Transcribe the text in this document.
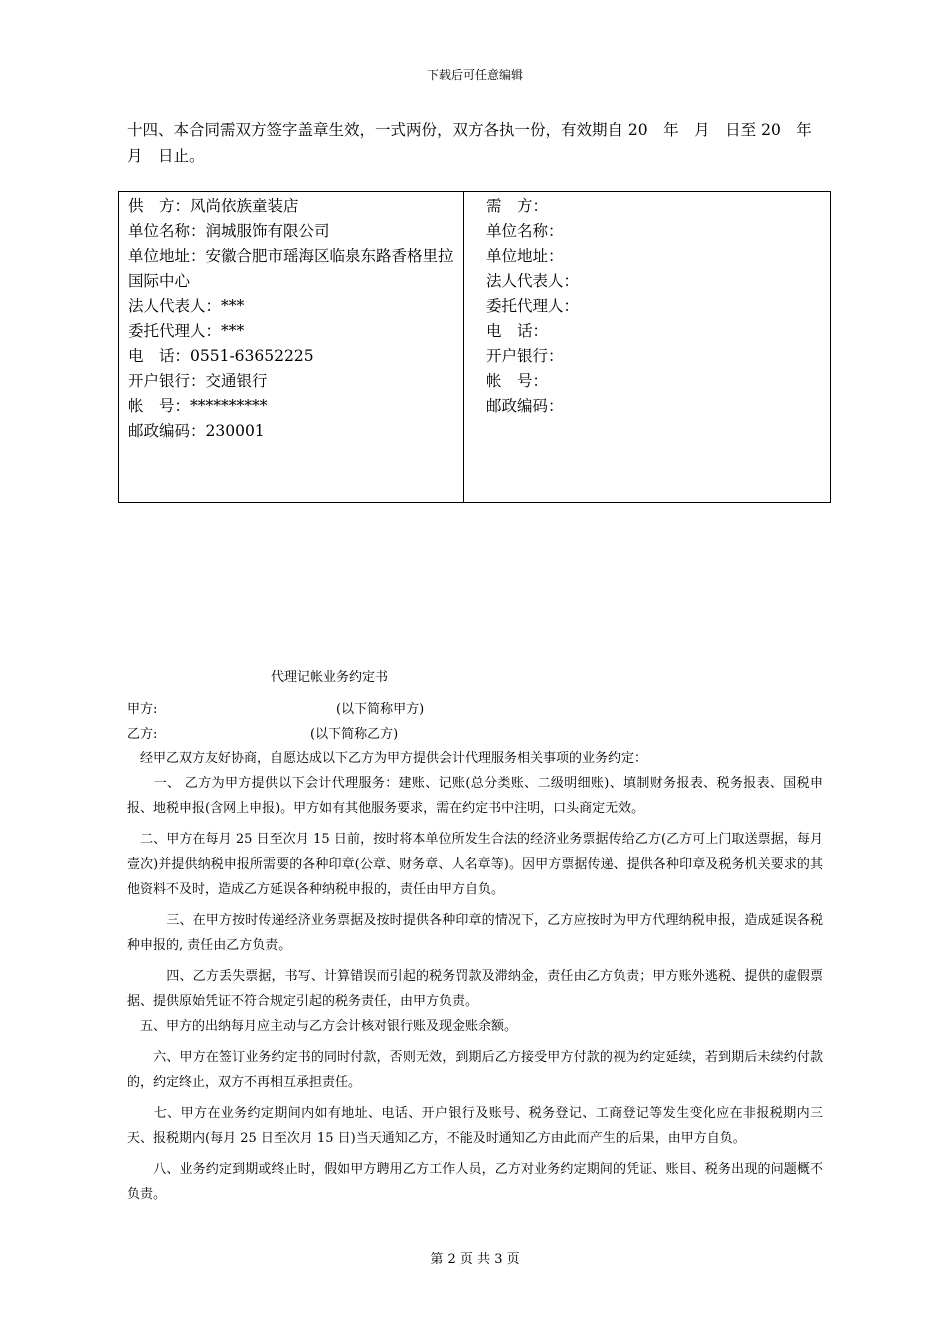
下载后可任意编辑
十四、本合同需双方签字盖章生效，一式两份，双方各执一份，有效期自 20　年　月　日至 20　年　月　日止。
供　方：风尚依族童装店
单位名称：润城服饰有限公司
单位地址：安徽合肥市瑶海区临泉东路香格里拉国际中心
法人代表人：***
委托代理人：***
电　话：0551-63652225
开户银行：交通银行
帐　号：**********
邮政编码：230001
需　方：
单位名称：
单位地址：
法人代表人：
委托代理人：
电　话：
开户银行：
帐　号：
邮政编码：
代理记帐业务约定书
甲方:	(以下简称甲方)
乙方:	(以下简称乙方)

　经甲乙双方友好协商，自愿达成以下乙方为甲方提供会计代理服务相关事项的业务约定：

　　一、 乙方为甲方提供以下会计代理服务：建账、记账(总分类账、二级明细账)、填制财务报表、税务报表、国税申报、地税申报(含网上申报)。甲方如有其他服务要求，需在约定书中注明，口头商定无效。

　二、甲方在每月 25 日至次月 15 日前，按时将本单位所发生合法的经济业务票据传给乙方(乙方可上门取送票据，每月壹次)并提供纳税申报所需要的各种印章(公章、财务章、人名章等)。因甲方票据传递、提供各种印章及税务机关要求的其他资料不及时，造成乙方延误各种纳税申报的，责任由甲方自负。

　　　三、在甲方按时传递经济业务票据及按时提供各种印章的情况下，乙方应按时为甲方代理纳税申报，造成延误各税种申报的, 责任由乙方负责。

　　　四、乙方丢失票据，书写、计算错误而引起的税务罚款及滞纳金，责任由乙方负责；甲方账外逃税、提供的虚假票据、提供原始凭证不符合规定引起的税务责任，由甲方负责。

　五、甲方的出纳每月应主动与乙方会计核对银行账及现金账余额。

　　六、甲方在签订业务约定书的同时付款，否则无效，到期后乙方接受甲方付款的视为约定延续，若到期后未续约付款的，约定终止，双方不再相互承担责任。

　　七、甲方在业务约定期间内如有地址、电话、开户银行及账号、税务登记、工商登记等发生变化应在非报税期内三天、报税期内(每月 25 日至次月 15 日)当天通知乙方，不能及时通知乙方由此而产生的后果，由甲方自负。

　　八、业务约定到期或终止时，假如甲方聘用乙方工作人员，乙方对业务约定期间的凭证、账目、税务出现的问题概不负责。

第 2 页 共 3 页
